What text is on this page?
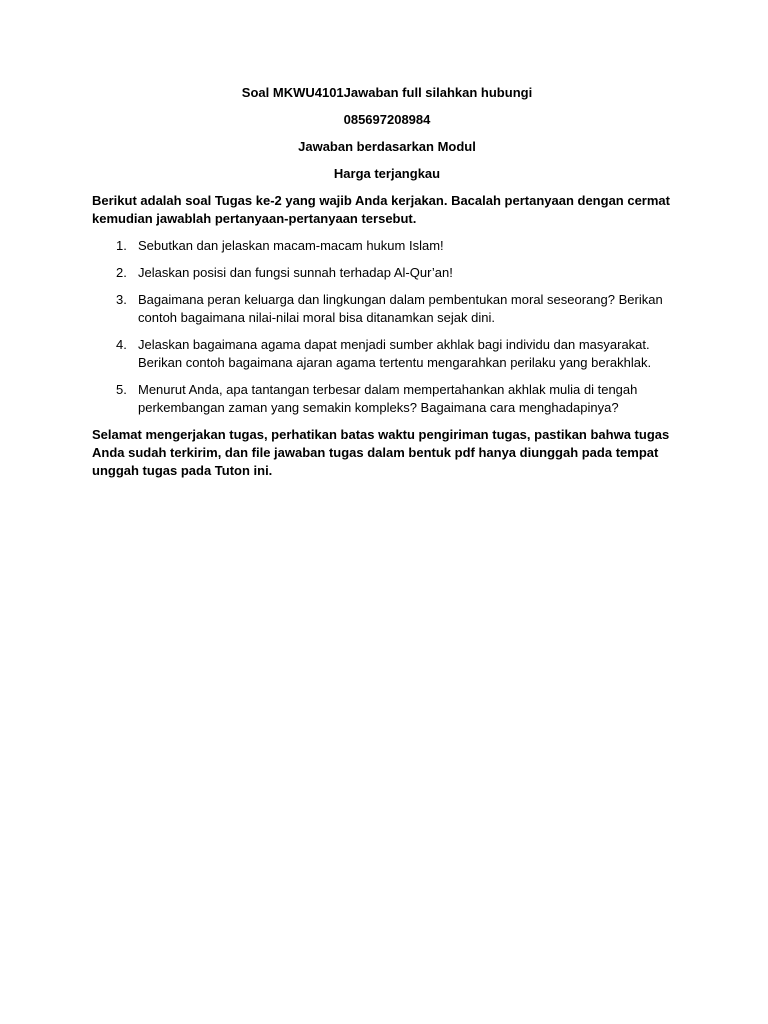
Soal MKWU4101Jawaban full silahkan hubungi

085697208984

Jawaban berdasarkan Modul

Harga terjangkau

Berikut adalah soal Tugas ke-2 yang wajib Anda kerjakan. Bacalah pertanyaan dengan cermat kemudian jawablah pertanyaan-pertanyaan tersebut.

1. Sebutkan dan jelaskan macam-macam hukum Islam!
2. Jelaskan posisi dan fungsi sunnah terhadap Al-Qur’an!
3. Bagaimana peran keluarga dan lingkungan dalam pembentukan moral seseorang? Berikan contoh bagaimana nilai-nilai moral bisa ditanamkan sejak dini.
4. Jelaskan bagaimana agama dapat menjadi sumber akhlak bagi individu dan masyarakat. Berikan contoh bagaimana ajaran agama tertentu mengarahkan perilaku yang berakhlak.
5. Menurut Anda, apa tantangan terbesar dalam mempertahankan akhlak mulia di tengah perkembangan zaman yang semakin kompleks? Bagaimana cara menghadapinya?

Selamat mengerjakan tugas, perhatikan batas waktu pengiriman tugas, pastikan bahwa tugas Anda sudah terkirim, dan file jawaban tugas dalam bentuk pdf hanya diunggah pada tempat unggah tugas pada Tuton ini.
